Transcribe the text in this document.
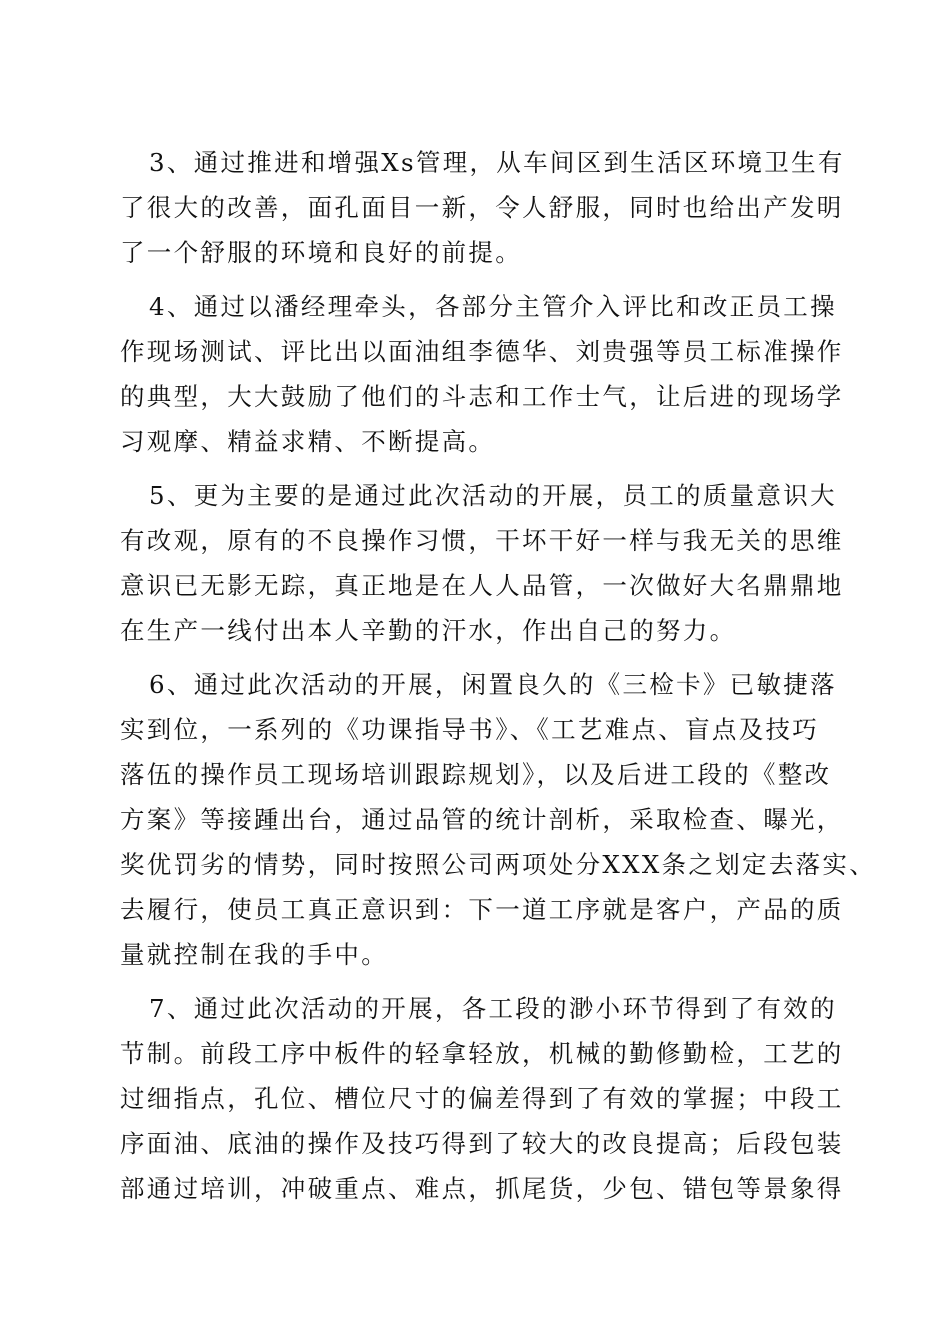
3、通过推进和增强Xs管理，从车间区到生活区环境卫生有
了很大的改善，面孔面目一新，令人舒服，同时也给出产发明
了一个舒服的环境和良好的前提。
4、通过以潘经理牵头，各部分主管介入评比和改正员工操
作现场测试、评比出以面油组李德华、刘贵强等员工标准操作
的典型，大大鼓励了他们的斗志和工作士气，让后进的现场学
习观摩、精益求精、不断提高。
5、更为主要的是通过此次活动的开展，员工的质量意识大
有改观，原有的不良操作习惯，干坏干好一样与我无关的思维
意识已无影无踪，真正地是在人人品管，一次做好大名鼎鼎地
在生产一线付出本人辛勤的汗水，作出自己的努力。
6、通过此次活动的开展，闲置良久的《三检卡》已敏捷落
实到位，一系列的《功课指导书》、《工艺难点、盲点及技巧
落伍的操作员工现场培训跟踪规划》，以及后进工段的《整改
方案》等接踵出台，通过品管的统计剖析，采取检查、曝光，
奖优罚劣的情势，同时按照公司两项处分XXX条之划定去落实、
去履行，使员工真正意识到：下一道工序就是客户，产品的质
量就控制在我的手中。
7、通过此次活动的开展，各工段的渺小环节得到了有效的
节制。前段工序中板件的轻拿轻放，机械的勤修勤检，工艺的
过细指点，孔位、槽位尺寸的偏差得到了有效的掌握；中段工
序面油、底油的操作及技巧得到了较大的改良提高；后段包装
部通过培训，冲破重点、难点，抓尾货，少包、错包等景象得
